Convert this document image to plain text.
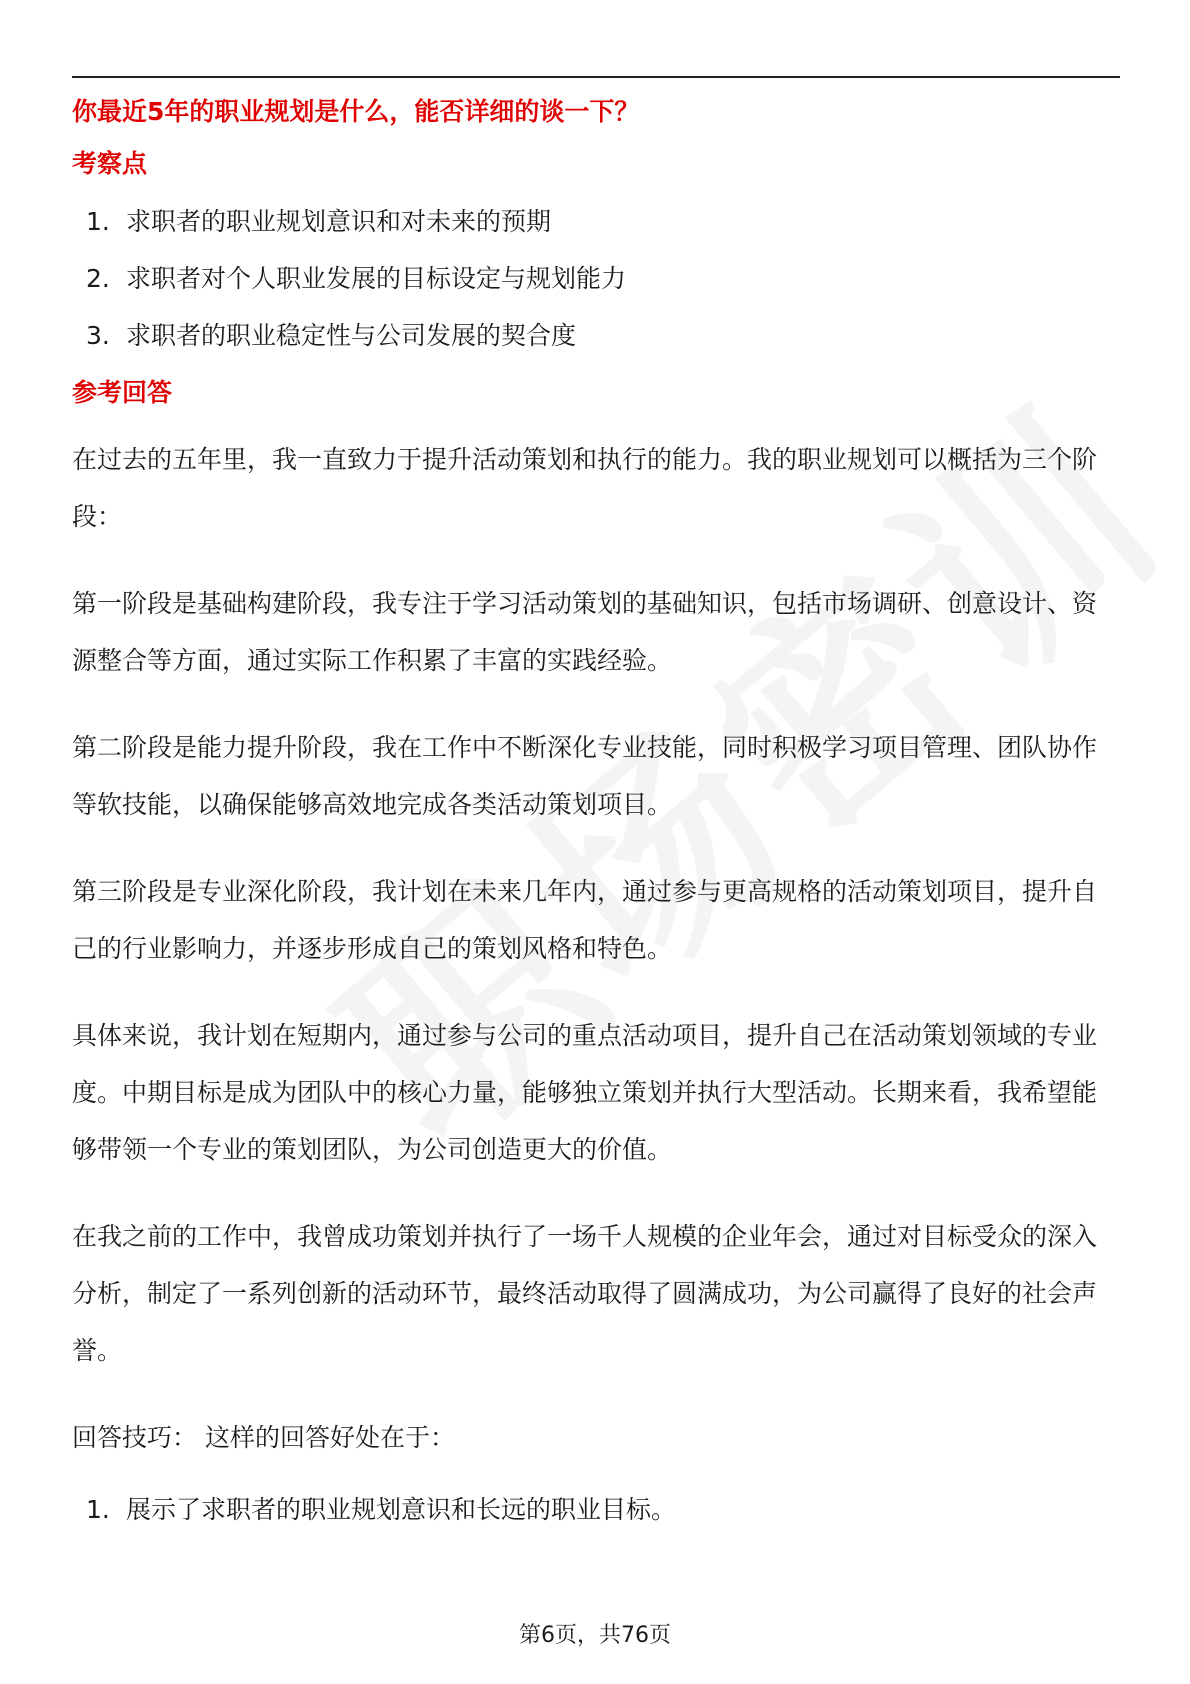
你最近5年的职业规划是什么，能否详细的谈一下？
考察点
1. 求职者的职业规划意识和对未来的预期
2. 求职者对个人职业发展的目标设定与规划能力
3. 求职者的职业稳定性与公司发展的契合度
参考回答

在过去的五年里，我一直致力于提升活动策划和执行的能力。我的职业规划可以概括为三个阶段：

第一阶段是基础构建阶段，我专注于学习活动策划的基础知识，包括市场调研、创意设计、资源整合等方面，通过实际工作积累了丰富的实践经验。

第二阶段是能力提升阶段，我在工作中不断深化专业技能，同时积极学习项目管理、团队协作等软技能，以确保能够高效地完成各类活动策划项目。

第三阶段是专业深化阶段，我计划在未来几年内，通过参与更高规格的活动策划项目，提升自己的行业影响力，并逐步形成自己的策划风格和特色。

具体来说，我计划在短期内，通过参与公司的重点活动项目，提升自己在活动策划领域的专业度。中期目标是成为团队中的核心力量，能够独立策划并执行大型活动。长期来看，我希望能够带领一个专业的策划团队，为公司创造更大的价值。

在我之前的工作中，我曾成功策划并执行了一场千人规模的企业年会，通过对目标受众的深入分析，制定了一系列创新的活动环节，最终活动取得了圆满成功，为公司赢得了良好的社会声誉。

回答技巧： 这样的回答好处在于：

1. 展示了求职者的职业规划意识和长远的职业目标。
第6页，共76页
